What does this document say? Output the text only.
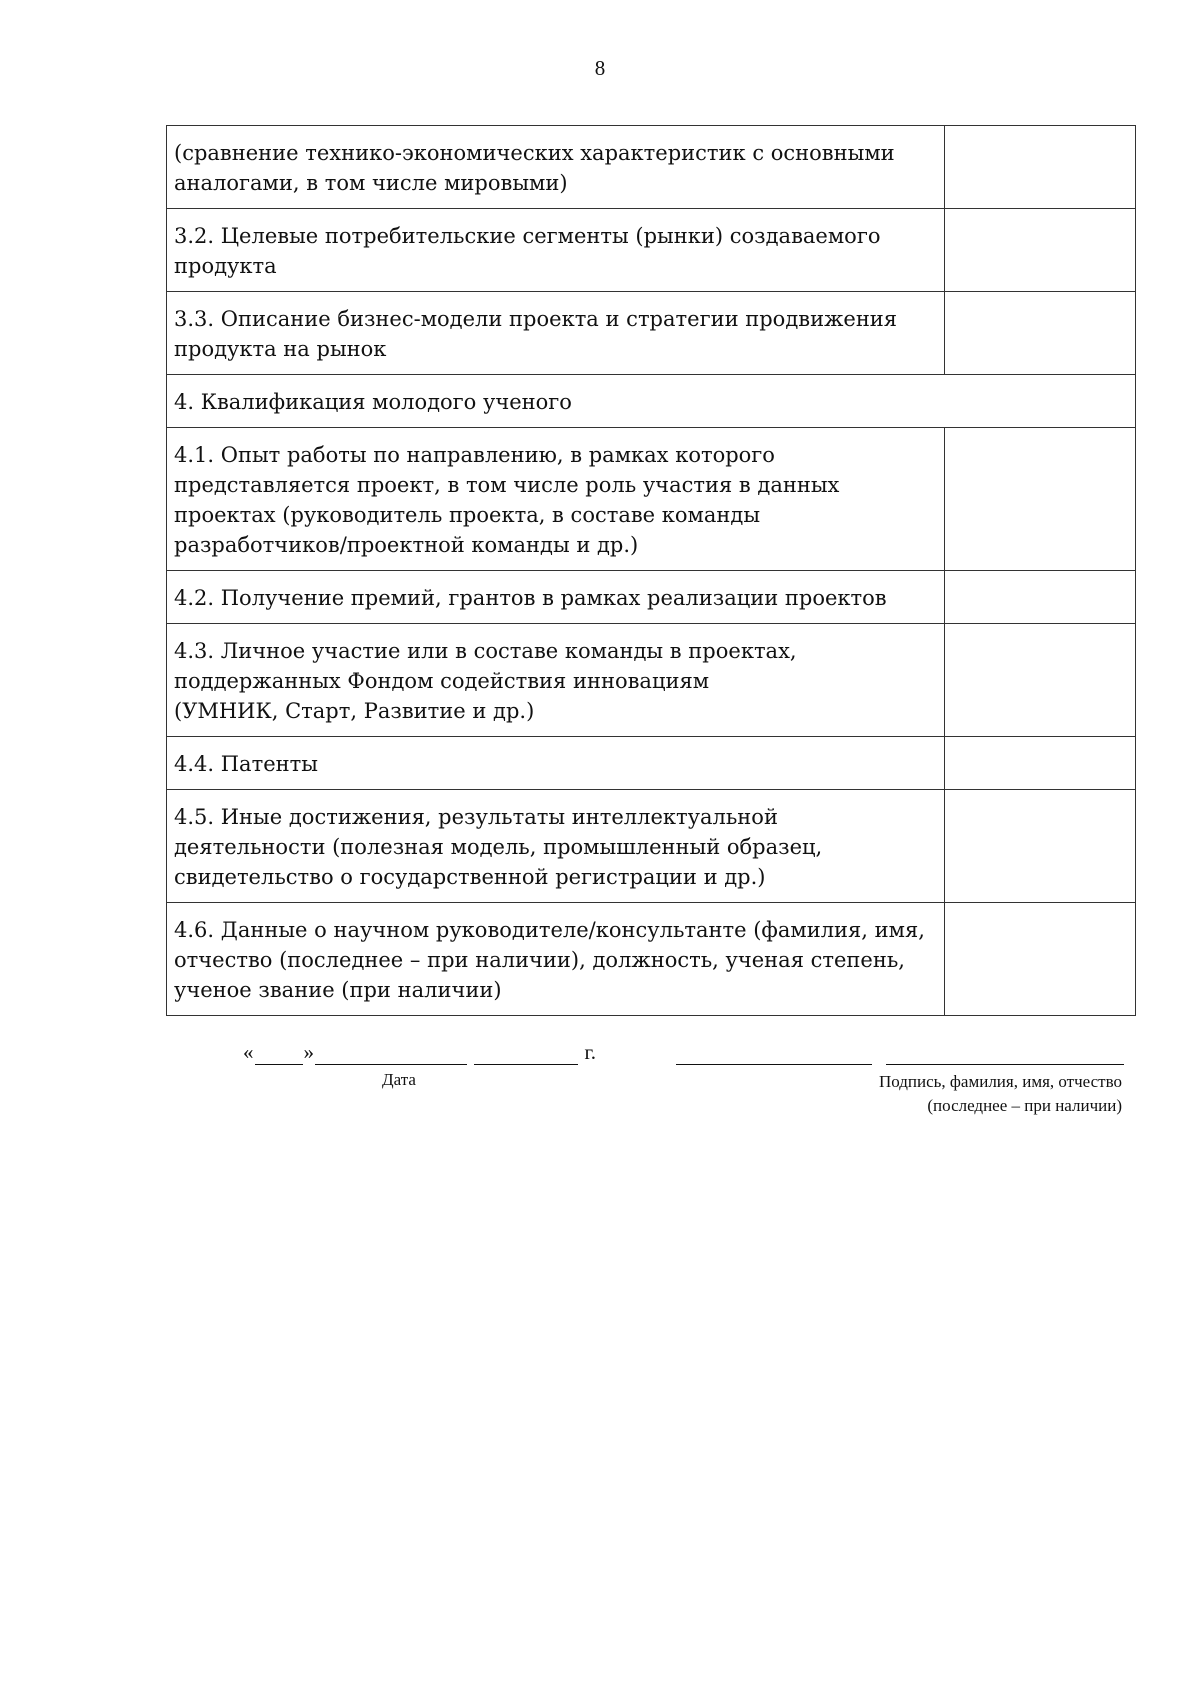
8
(сравнение технико-экономических характеристик с основными
аналогами, в том числе мировыми)	
3.2. Целевые потребительские сегменты (рынки) создаваемого
продукта	
3.3. Описание бизнес-модели проекта и стратегии продвижения
продукта на рынок	
4. Квалификация молодого ученого	
4.1. Опыт работы по направлению, в рамках которого
представляется проект, в том числе роль участия в данных
проектах (руководитель проекта, в составе команды
разработчиков/проектной команды и др.)	
4.2. Получение премий, грантов в рамках реализации проектов	
4.3. Личное участие или в составе команды в проектах,
поддержанных Фондом содействия инновациям
(УМНИК, Старт, Развитие и др.)	
4.4. Патенты	
4.5. Иные достижения, результаты интеллектуальной
деятельности (полезная модель, промышленный образец,
свидетельство о государственной регистрации и др.)	
4.6. Данные о научном руководителе/консультанте (фамилия, имя,
отчество (последнее – при наличии), должность, ученая степень,
ученое звание (при наличии)	
« »	г.
Дата
	Подпись, фамилия, имя, отчество
(последнее – при наличии)
